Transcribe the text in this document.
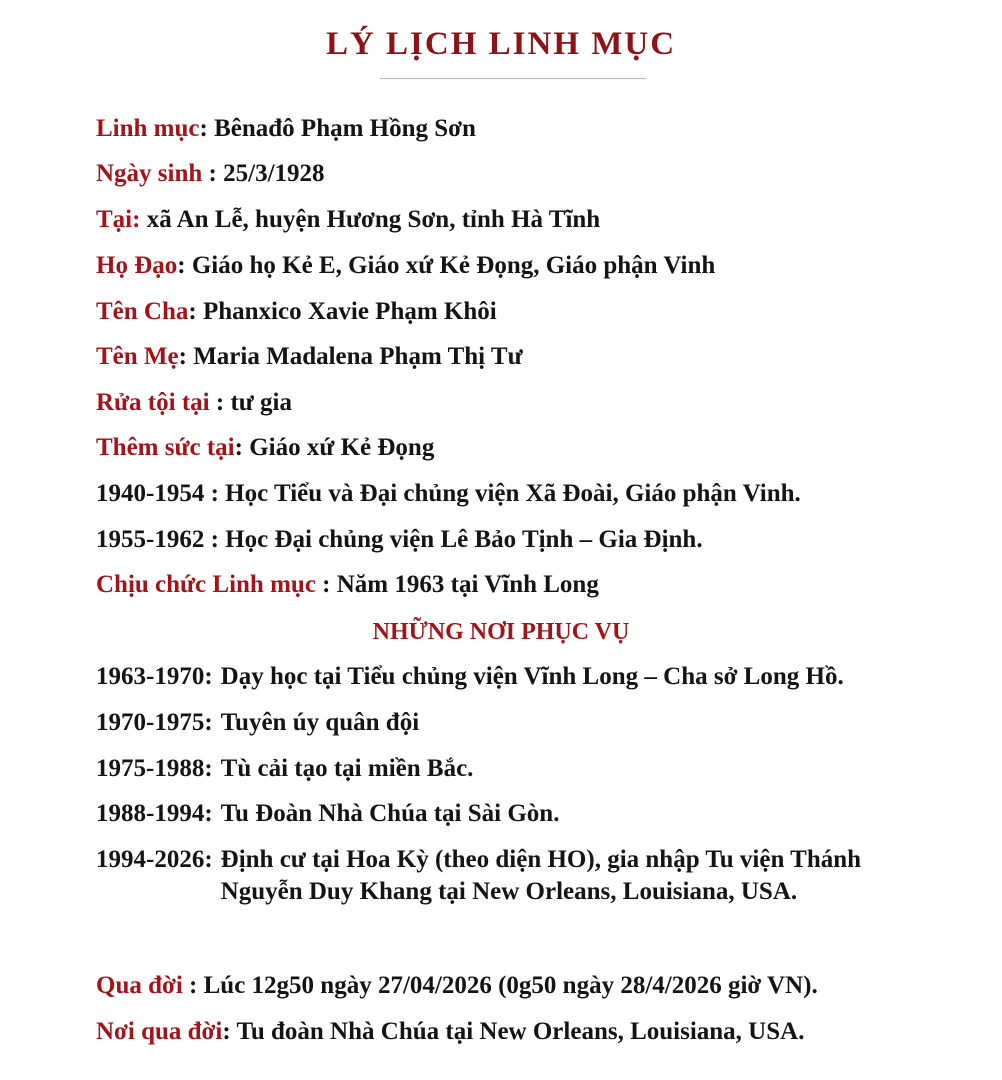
LÝ LỊCH LINH MỤC
Linh mục: Bênađô Phạm Hồng Sơn
Ngày sinh : 25/3/1928
Tại: xã An Lễ, huyện Hương Sơn, tỉnh Hà Tĩnh
Họ Đạo: Giáo họ Kẻ E, Giáo xứ Kẻ Đọng, Giáo phận Vinh
Tên Cha: Phanxico Xavie Phạm Khôi
Tên Mẹ: Maria Madalena Phạm Thị Tư
Rửa tội tại : tư gia
Thêm sức tại: Giáo xứ Kẻ Đọng
1940-1954 : Học Tiểu và Đại chủng viện Xã Đoài, Giáo phận Vinh.
1955-1962 : Học Đại chủng viện Lê Bảo Tịnh – Gia Định.
Chịu chức Linh mục : Năm 1963 tại Vĩnh Long
NHỮNG NƠI PHỤC VỤ
1963-1970: Dạy học tại Tiểu chủng viện Vĩnh Long – Cha sở Long Hồ.
1970-1975: Tuyên úy quân đội
1975-1988: Tù cải tạo tại miền Bắc.
1988-1994: Tu Đoàn Nhà Chúa tại Sài Gòn.
1994-2026: Định cư tại Hoa Kỳ (theo diện HO), gia nhập Tu viện Thánh Nguyễn Duy Khang tại New Orleans, Louisiana, USA.
Qua đời : Lúc 12g50 ngày 27/04/2026 (0g50 ngày 28/4/2026 giờ VN).
Nơi qua đời: Tu đoàn Nhà Chúa tại New Orleans, Louisiana, USA.
